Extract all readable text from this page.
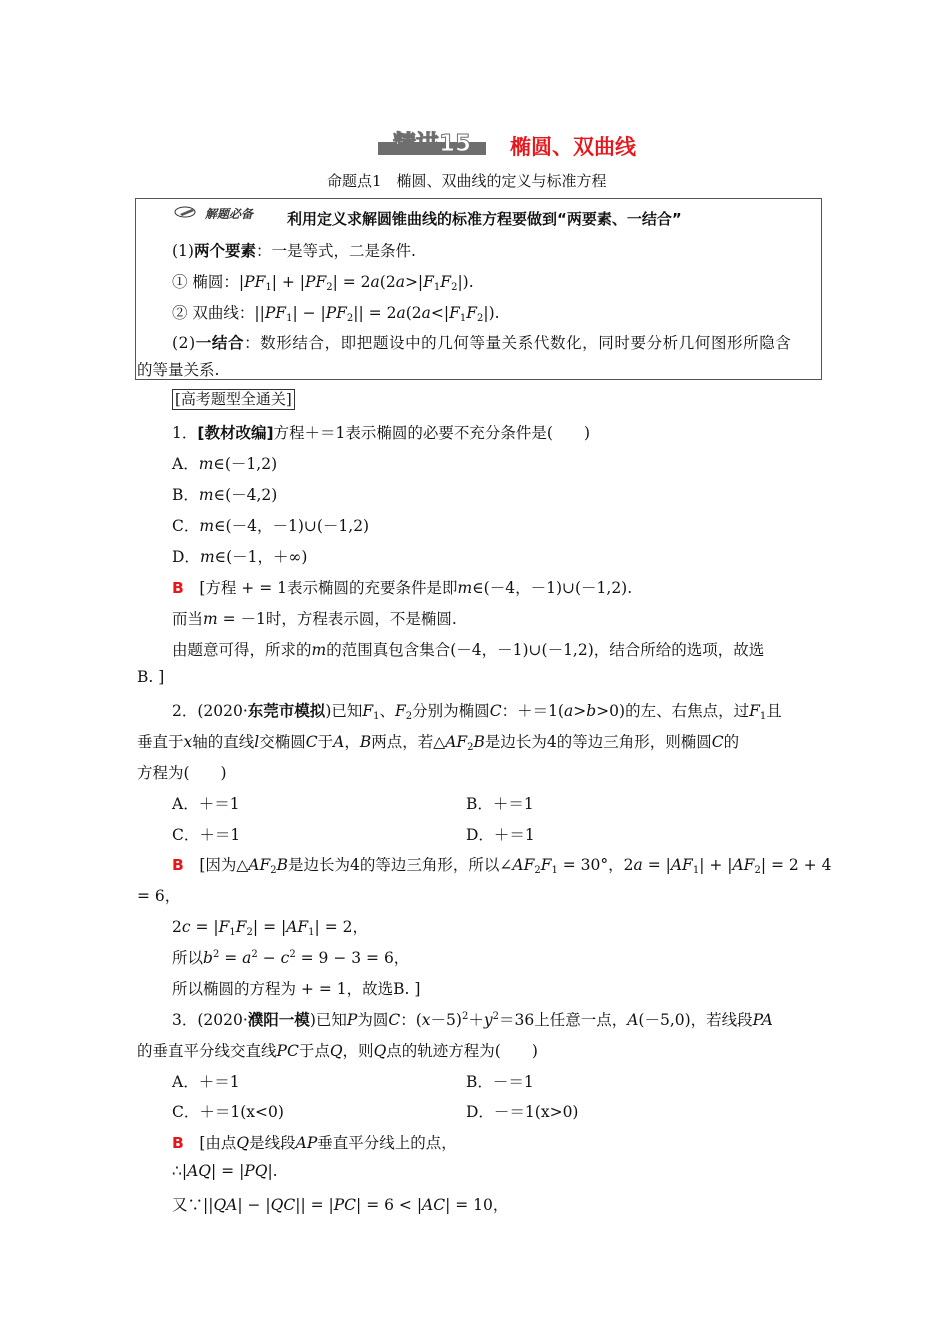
精讲15	椭圆、双曲线
命题点1　椭圆、双曲线的定义与标准方程
解题必备 利用定义求解圆锥曲线的标准方程要做到“两要素、一结合”
(1)两个要素：一是等式，二是条件.
① 椭圆：$|PF_1| + |PF_2| = 2a(2a>|F_1F_2|)$.
② 双曲线：$||PF_1| - |PF_2|| = 2a(2a<|F_1F_2|)$.
(2)一结合：数形结合，即把题设中的几何等量关系代数化，同时要分析几何图形所隐含
的等量关系.
[高考题型全通关]
1．[教材改编]方程＋＝1表示椭圆的必要不充分条件是(　　)
A．m∈(－1,2)
B．m∈(－4,2)
C．m∈(－4，－1)∪(－1,2)
D．m∈(－1，＋∞)
B　[方程 + = 1表示椭圆的充要条件是即m∈(－4，－1)∪(－1,2).
而当m = －1时，方程表示圆，不是椭圆.
由题意可得，所求的m的范围真包含集合(－4，－1)∪(－1,2)，结合所给的选项，故选
B. ]
2．(2020·东莞市模拟)已知$F_1$、$F_2$分别为椭圆C：＋＝1(a>b>0)的左、右焦点，过$F_1$且
垂直于x轴的直线l交椭圆C于A，B两点，若$\triangle AF_2B$是边长为4的等边三角形，则椭圆C的
方程为(　　)
A．＋＝1	B．＋＝1
C．＋＝1	D．＋＝1
B　[因为$\triangle AF_2B$是边长为4的等边三角形，所以$\angle AF_2F_1 = 30^\circ$，$2a = |AF_1| + |AF_2| = 2 + 4$
= 6，
$2c = |F_1F_2| = |AF_1| = 2$，
所以$b^2 = a^2 - c^2 = 9 - 3 = 6$，
所以椭圆的方程为 + = 1，故选B. ]
3．(2020·濮阳一模)已知P为圆C：$(x-5)^2+y^2=36$上任意一点，A(－5,0)，若线段PA
的垂直平分线交直线PC于点Q，则Q点的轨迹方程为(　　)
A．＋＝1	B．－＝1
C．＋＝1(x<0)	D．－＝1(x>0)
B　[由点Q是线段AP垂直平分线上的点，
∴|AQ| = |PQ|.
又∵||QA| − |QC|| = |PC| = 6 < |AC| = 10，
